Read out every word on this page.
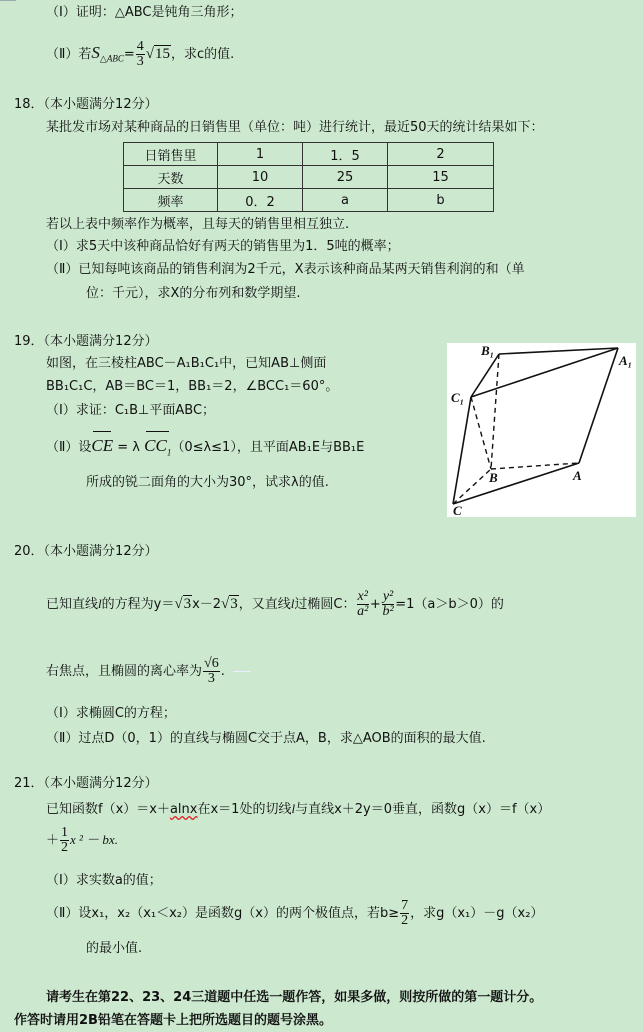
（Ⅰ）证明：△ABC是钝角三角形；
（Ⅱ）若$S_{\triangle ABC}= \frac{4}{3} √15$，求c的值.
18．（本小题满分12分）
某批发市场对某种商品的日销售里（单位：吨）进行统计，最近50天的统计结果如下：
日销售里	1	1．5	2
天数	10	25	15
频率	0．2	a	b
若以上表中频率作为概率，且每天的销售里相互独立.
（Ⅰ）求5天中该种商品恰好有两天的销售里为1．5吨的概率；
（Ⅱ）已知每吨该商品的销售利润为2千元，X表示该种商品某两天销售利润的和（单
位：千元），求X的分布列和数学期望.
19．（本小题满分12分）
如图，在三棱柱ABC－A₁B₁C₁中，已知AB⊥侧面
BB₁C₁C，AB＝BC＝1，BB₁＝2，∠BCC₁＝60°。
（Ⅰ）求证：C₁B⊥平面ABC；
（Ⅱ）设CE = λ $CC_1(0\le\lambda\le 1)$，且平面AB₁E与BB₁E
所成的锐二面角的大小为30°，试求λ的值.
B₁
A₁
C₁
B	A
C
20．（本小题满分12分）
已知直线l的方程为y＝√3x－2√3，又直线l过椭圆C： $\frac{\text{x²}}{\text{a²}} + \frac{\text{y²}}{\text{b²}} =1(a>b>0)$的
右焦点，且椭圆的离心率为 $\frac{√6}{3}$ .
（Ⅰ）求椭圆C的方程；
（Ⅱ）过点D（0，1）的直线与椭圆C交于点A，B，求△AOB的面积的最大值.
21．（本小题满分12分）
已知函数f（x）＝x＋alnx在x＝1处的切线l与直线x＋2y＝0垂直，函数g（x）＝f（x）
＋ $\frac{1}{2}$ x ² － bx.
（Ⅰ）求实数a的值；
（Ⅱ）设x₁，x₂（x₁＜x₂）是函数g（x）的两个极值点，若$b\ge \frac{7}{2}$ ，求g（x₁）－g（x₂）
的最小值.
请考生在第22、23、24三道题中任选一题作答，如果多做，则按所做的第一题计分。
作答时请用2B铅笔在答题卡上把所选题目的题号涂黑。
